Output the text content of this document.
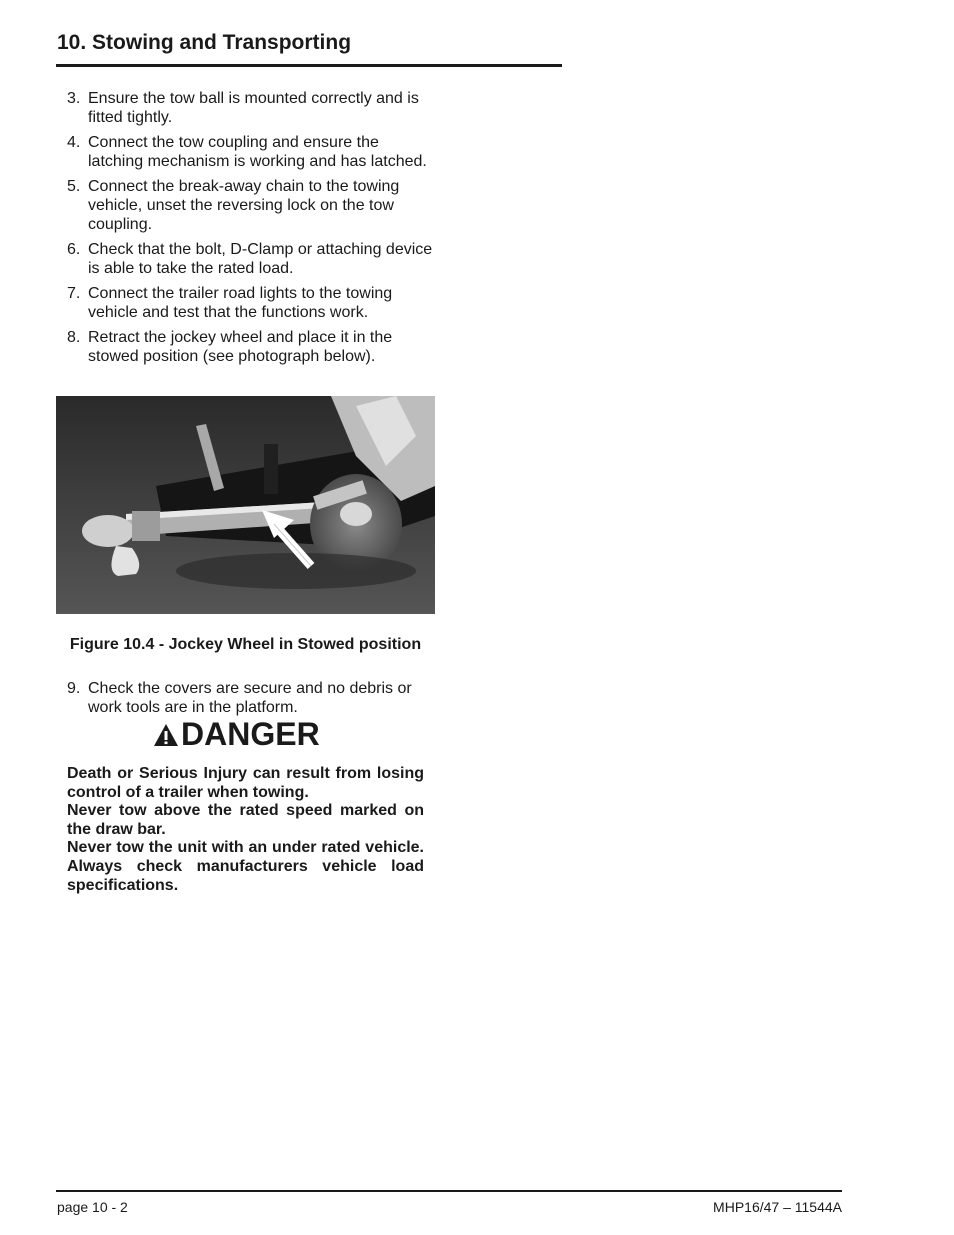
10. Stowing and Transporting
3. Ensure the tow ball is mounted correctly and is fitted tightly.
4. Connect the tow coupling and ensure the latching mechanism is working and has latched.
5. Connect the break-away chain to the towing vehicle, unset the reversing lock on the tow coupling.
6. Check that the bolt, D-Clamp or attaching device is able to take the rated load.
7. Connect the trailer road lights to the towing vehicle and test that the functions work.
8. Retract the jockey wheel and place it in the stowed position (see photograph below).
Figure 10.4 - Jockey Wheel in Stowed position
9. Check the covers are secure and no debris or work tools are in the platform.
DANGER

Death or Serious Injury can result from losing control of a trailer when towing.

Never tow above the rated speed marked on the draw bar.

Never tow the unit with an under rated vehicle. Always check manufacturers vehicle load specifications.

page 10 - 2	MHP16/47 – 11544A
